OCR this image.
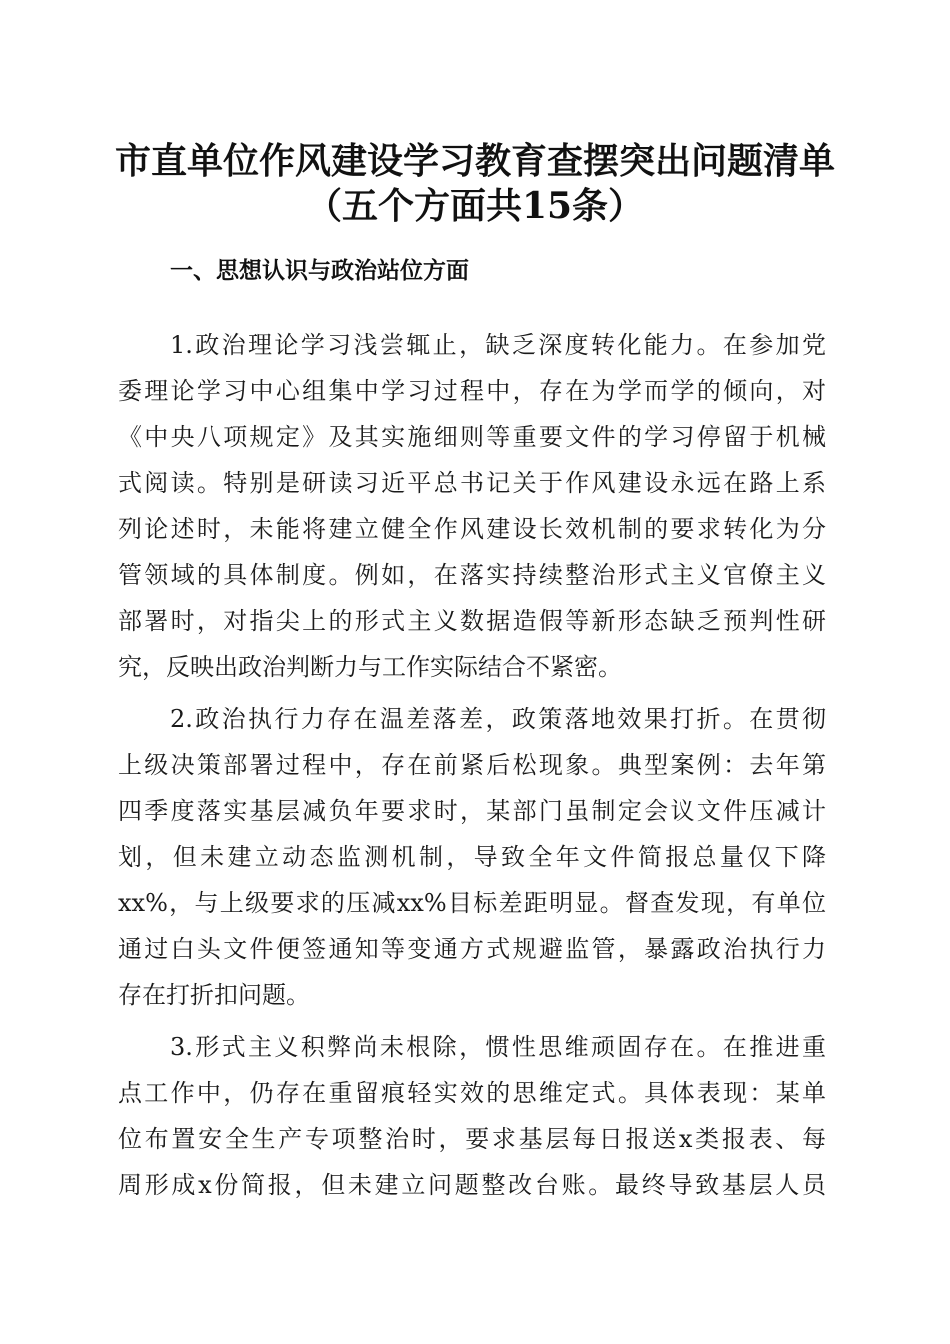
市直单位作风建设学习教育查摆突出问题清单
（五个方面共15条）
一、思想认识与政治站位方面
1.政治理论学习浅尝辄止，缺乏深度转化能力。在参加党
委理论学习中心组集中学习过程中，存在为学而学的倾向，对
《中央八项规定》及其实施细则等重要文件的学习停留于机械
式阅读。特别是研读习近平总书记关于作风建设永远在路上系
列论述时，未能将建立健全作风建设长效机制的要求转化为分
管领域的具体制度。例如，在落实持续整治形式主义官僚主义
部署时，对指尖上的形式主义数据造假等新形态缺乏预判性研
究，反映出政治判断力与工作实际结合不紧密。
2.政治执行力存在温差落差，政策落地效果打折。在贯彻
上级决策部署过程中，存在前紧后松现象。典型案例：去年第
四季度落实基层减负年要求时，某部门虽制定会议文件压减计
划，但未建立动态监测机制，导致全年文件简报总量仅下降
xx%，与上级要求的压减xx%目标差距明显。督查发现，有单位
通过白头文件便签通知等变通方式规避监管，暴露政治执行力
存在打折扣问题。
3.形式主义积弊尚未根除，惯性思维顽固存在。在推进重
点工作中，仍存在重留痕轻实效的思维定式。具体表现：某单
位布置安全生产专项整治时，要求基层每日报送x类报表、每
周形成x份简报，但未建立问题整改台账。最终导致基层人员
